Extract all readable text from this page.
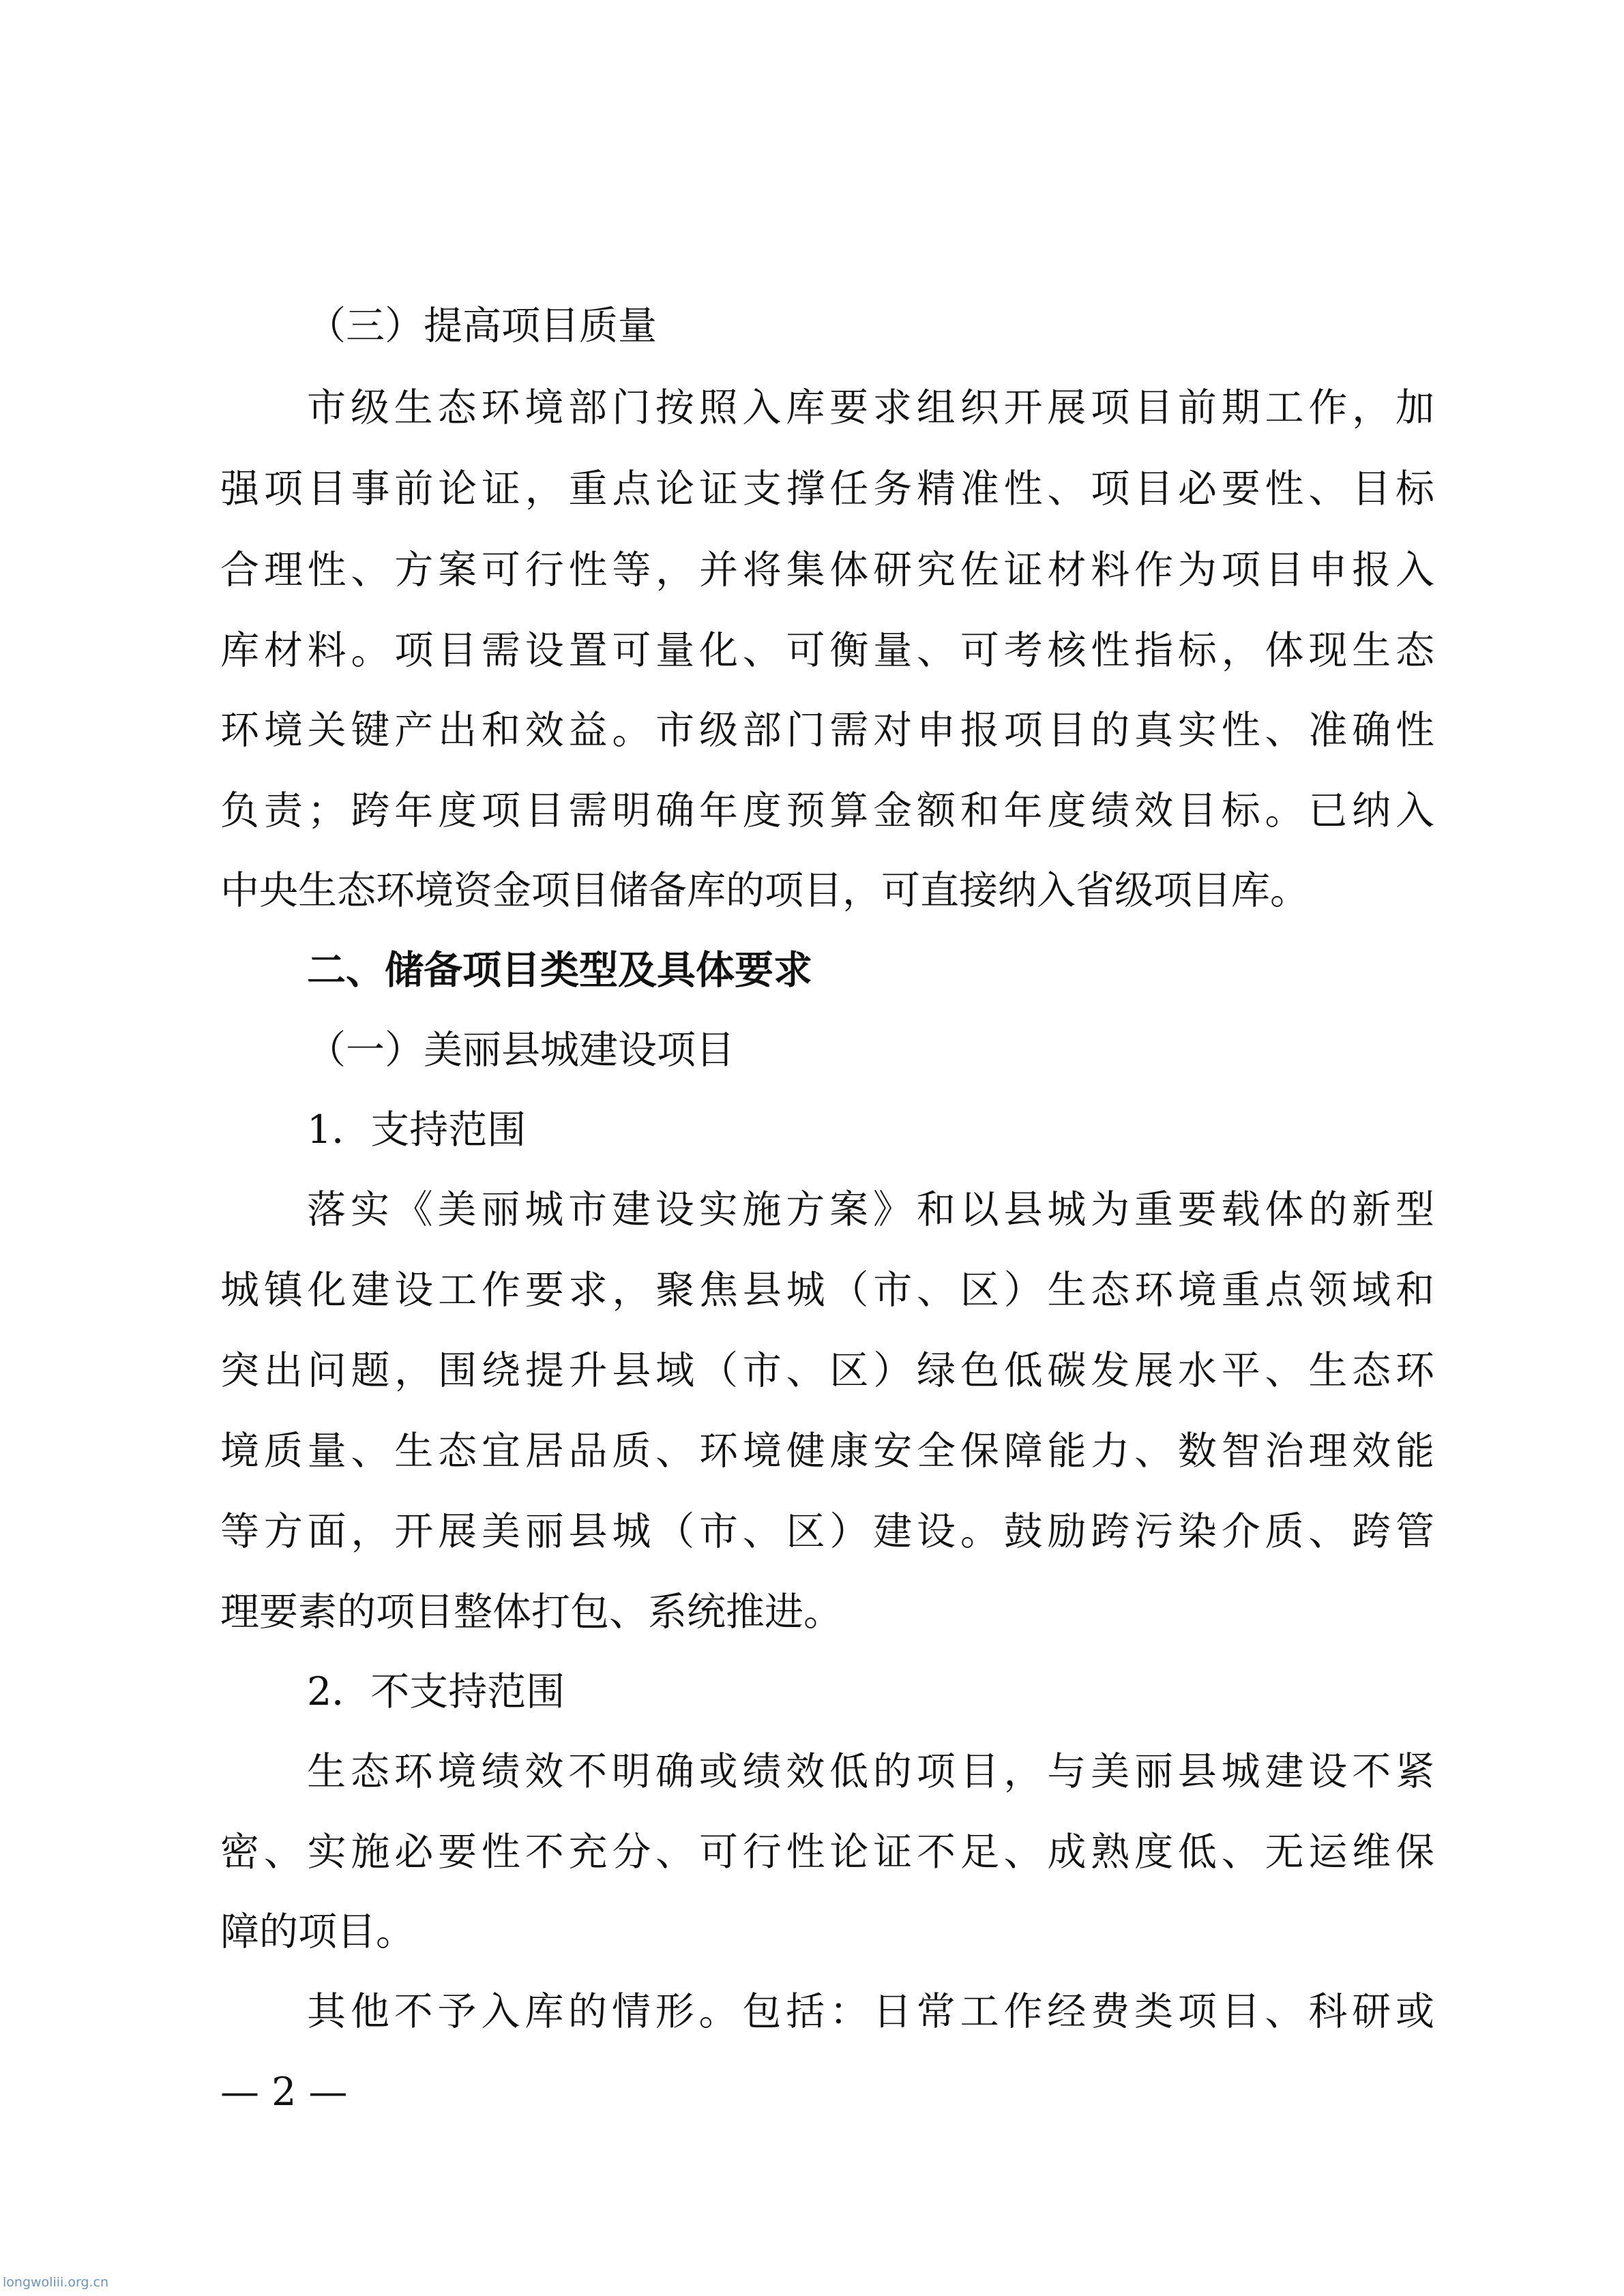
（三）提高项目质量
市级生态环境部门按照入库要求组织开展项目前期工作，加
强项目事前论证，重点论证支撑任务精准性、项目必要性、目标
合理性、方案可行性等，并将集体研究佐证材料作为项目申报入
库材料。项目需设置可量化、可衡量、可考核性指标，体现生态
环境关键产出和效益。市级部门需对申报项目的真实性、准确性
负责；跨年度项目需明确年度预算金额和年度绩效目标。已纳入
中央生态环境资金项目储备库的项目，可直接纳入省级项目库。
二、储备项目类型及具体要求
（一）美丽县城建设项目
1．支持范围
落实《美丽城市建设实施方案》和以县城为重要载体的新型
城镇化建设工作要求，聚焦县城（市、区）生态环境重点领域和
突出问题，围绕提升县域（市、区）绿色低碳发展水平、生态环
境质量、生态宜居品质、环境健康安全保障能力、数智治理效能
等方面，开展美丽县城（市、区）建设。鼓励跨污染介质、跨管
理要素的项目整体打包、系统推进。
2．不支持范围
生态环境绩效不明确或绩效低的项目，与美丽县城建设不紧
密、实施必要性不充分、可行性论证不足、成熟度低、无运维保
障的项目。
其他不予入库的情形。包括：日常工作经费类项目、科研或
— 2 —
longwoliii.org.cn
